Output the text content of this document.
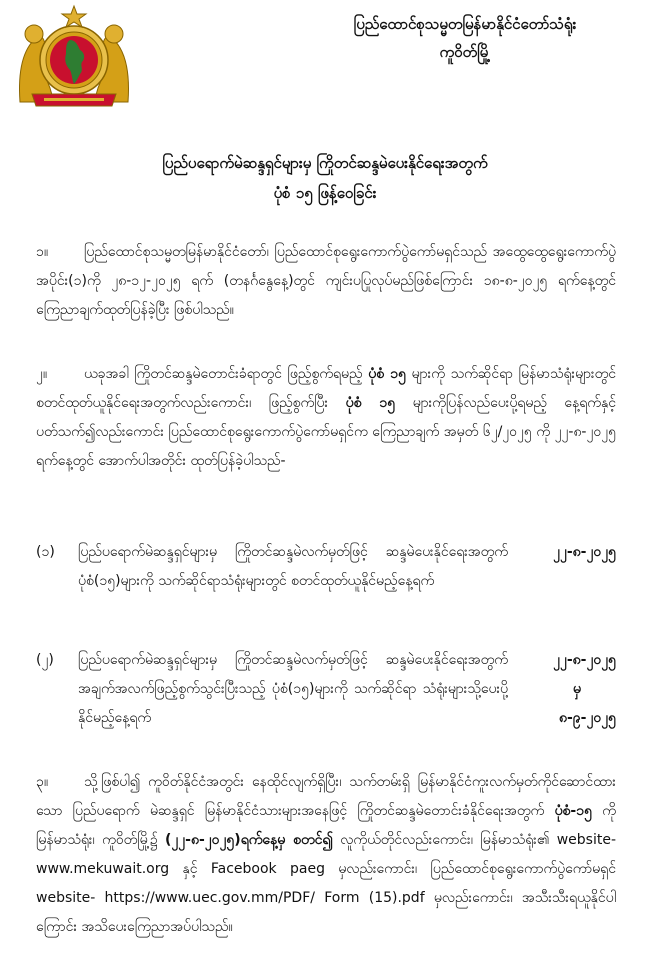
ပြည်ထောင်စုသမ္မတမြန်မာနိုင်ငံတော်သံရုံး
ကူဝိတ်မြို့
ပြည်ပရောက်မဲဆန္ဒရှင်များမှ ကြိုတင်ဆန္ဒမဲပေးနိုင်ရေးအတွက်
ပုံစံ ၁၅ ဖြန့်ဝေခြင်း
၁။	ပြည်ထောင်စုသမ္မတမြန်မာနိုင်ငံတော်၊ ပြည်ထောင်စုရွေးကောက်ပွဲကော်မရှင်သည် အထွေထွေရွေးကောက်ပွဲအပိုင်း(၁)ကို ၂၈-၁၂-၂၀၂၅ ရက် (တနင်္ဂနွေနေ့)တွင် ကျင်းပပြုလုပ်မည်ဖြစ်ကြောင်း ၁၈-၈-၂၀၂၅ ရက်နေ့တွင် ကြေညာချက်ထုတ်ပြန်ခဲ့ပြီး ဖြစ်ပါသည်။
၂။	ယခုအခါ ကြိုတင်ဆန္ဒမဲတောင်းခံရာတွင် ဖြည့်စွက်ရမည့် ပုံစံ ၁၅ များကို သက်ဆိုင်ရာ မြန်မာသံရုံးများတွင် စတင်ထုတ်ယူနိုင်ရေးအတွက်လည်းကောင်း၊ ဖြည့်စွက်ပြီး ပုံစံ ၁၅ များကိုပြန်လည်ပေးပို့ရမည့် နေ့ရက်နှင့်ပတ်သက်၍လည်းကောင်း ပြည်ထောင်စုရွေးကောက်ပွဲကော်မရှင်က ကြေညာချက် အမှတ် ၆၂/၂၀၂၅ ကို ၂၂-၈-၂၀၂၅ ရက်နေ့တွင် အောက်ပါအတိုင်း ထုတ်ပြန်ခဲ့ပါသည်-
(၁)	ပြည်ပရောက်မဲဆန္ဒရှင်များမှ ကြိုတင်ဆန္ဒမဲလက်မှတ်ဖြင့် ဆန္ဒမဲပေးနိုင်ရေးအတွက် ပုံစံ(၁၅)များကို သက်ဆိုင်ရာသံရုံးများတွင် စတင်ထုတ်ယူနိုင်မည့်နေ့ရက်
၂၂-၈-၂၀၂၅
(၂)	ပြည်ပရောက်မဲဆန္ဒရှင်များမှ ကြိုတင်ဆန္ဒမဲလက်မှတ်ဖြင့် ဆန္ဒမဲပေးနိုင်ရေးအတွက် အချက်အလက်ဖြည့်စွက်သွင်းပြီးသည့် ပုံစံ(၁၅)များကို သက်ဆိုင်ရာ သံရုံးများသို့ပေးပို့နိုင်မည့်နေ့ရက်
၂၂-၈-၂၀၂၅
မှ
၈-၉-၂၀၂၅
၃။	သို့ဖြစ်ပါ၍ ကူဝိတ်နိုင်ငံအတွင်း နေထိုင်လျက်ရှိပြီး၊ သက်တမ်းရှိ မြန်မာနိုင်ငံကူးလက်မှတ်ကိုင်ဆောင်ထားသော ပြည်ပရောက် မဲဆန္ဒရှင် မြန်မာနိုင်ငံသားများအနေဖြင့် ကြိုတင်ဆန္ဒမဲတောင်းခံနိုင်ရေးအတွက် ပုံစံ-၁၅ ကို မြန်မာသံရုံး၊ ကူဝိတ်မြို့၌ (၂၂-၈-၂၀၂၅)ရက်နေ့မှ စတင်၍ လူကိုယ်တိုင်လည်းကောင်း၊ မြန်မာသံရုံး၏ website- www.mekuwait.org နှင့် Facebook paeg မှလည်းကောင်း၊ ပြည်ထောင်စုရွေးကောက်ပွဲကော်မရှင် website- https://www.uec.gov.mm/PDF/ Form (15).pdf မှလည်းကောင်း၊ အသီးသီးရယူနိုင်ပါကြောင်း အသိပေးကြေညာအပ်ပါသည်။
